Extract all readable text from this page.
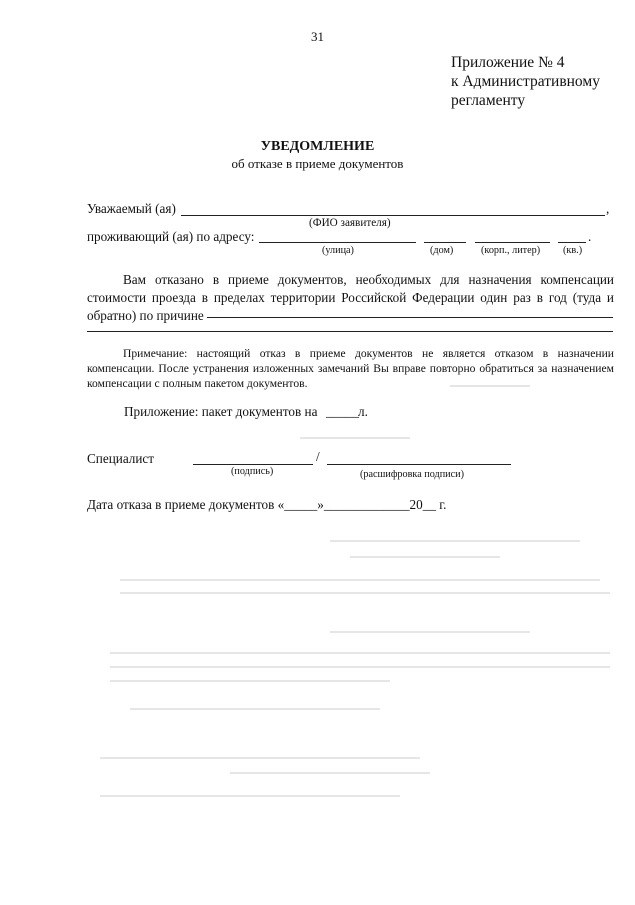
31
Приложение № 4
к Административному
регламенту
УВЕДОМЛЕНИЕ
об отказе в приеме документов
Уважаемый (ая)	,
(ФИО заявителя)
проживающий (ая) по адресу:	.
(улица)	(дом)	(корп., литер) (кв.)
Вам отказано в приеме документов, необходимых для назначения компенсации стоимости проезда в пределах территории Российской Федерации один раз в год (туда и обратно) по причине
Примечание: настоящий отказ в приеме документов не является отказом в назначении компенсации. После устранения изложенных замечаний Вы вправе повторно обратиться за назначением компенсации с полным пакетом документов.
Приложение: пакет документов на _____ л.
Специалист	/
(подпись)	(расшифровка подписи)
Дата отказа в приеме документов «_____»_____________20__ г.
